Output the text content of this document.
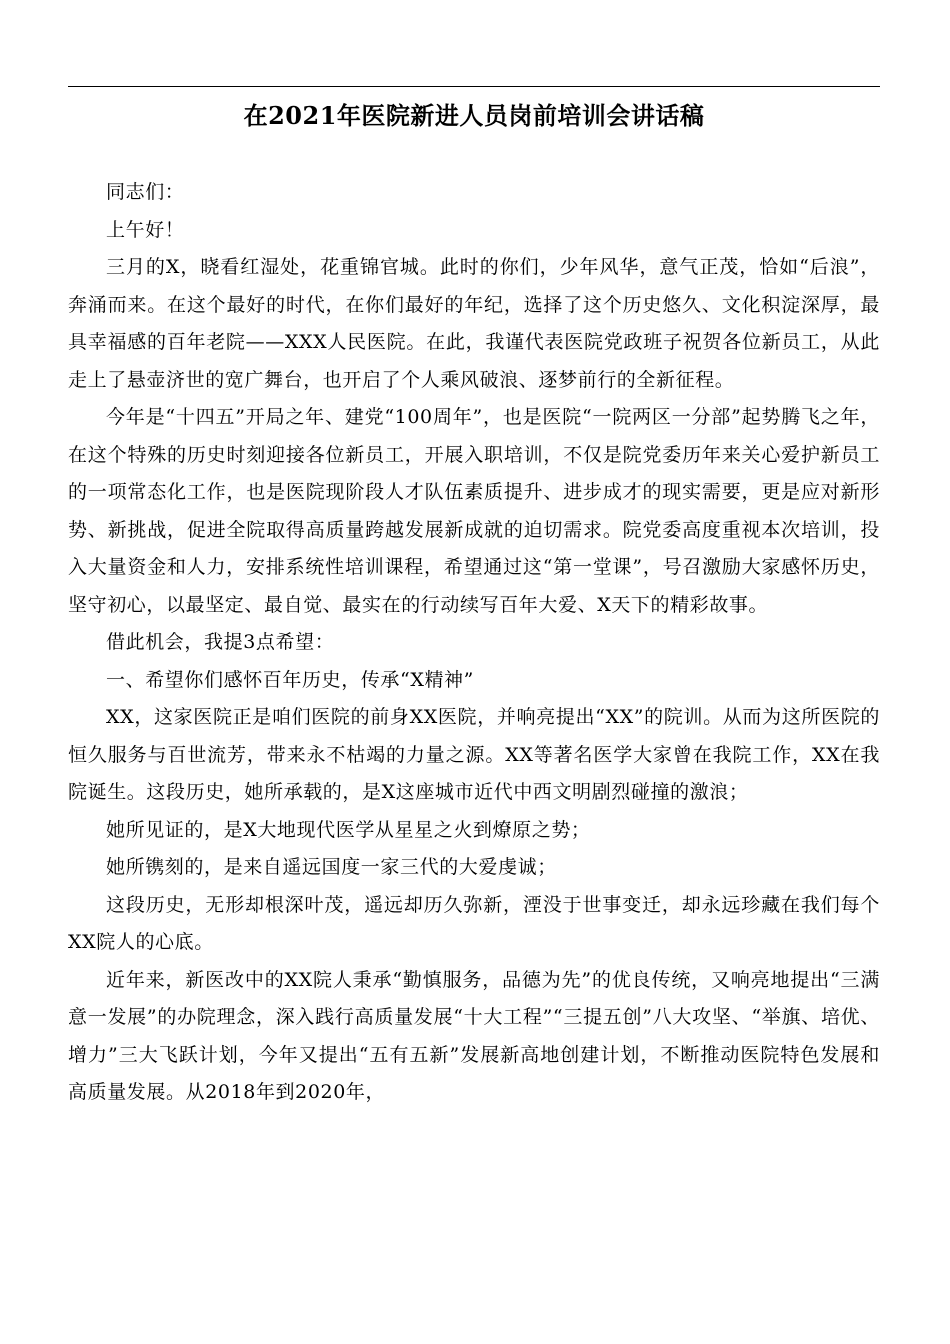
在2021年医院新进人员岗前培训会讲话稿

同志们：

上午好！

三月的X，晓看红湿处，花重锦官城。此时的你们，少年风华，意气正茂，恰如“后浪”，奔涌而来。在这个最好的时代，在你们最好的年纪，选择了这个历史悠久、文化积淀深厚，最具幸福感的百年老院——XXX人民医院。在此，我谨代表医院党政班子祝贺各位新员工，从此走上了悬壶济世的宽广舞台，也开启了个人乘风破浪、逐梦前行的全新征程。

今年是“十四五”开局之年、建党“100周年”，也是医院“一院两区一分部”起势腾飞之年，在这个特殊的历史时刻迎接各位新员工，开展入职培训，不仅是院党委历年来关心爱护新员工的一项常态化工作，也是医院现阶段人才队伍素质提升、进步成才的现实需要，更是应对新形势、新挑战，促进全院取得高质量跨越发展新成就的迫切需求。院党委高度重视本次培训，投入大量资金和人力，安排系统性培训课程，希望通过这“第一堂课”，号召激励大家感怀历史，坚守初心，以最坚定、最自觉、最实在的行动续写百年大爱、X天下的精彩故事。

借此机会，我提3点希望：

一、希望你们感怀百年历史，传承“X精神”

XX，这家医院正是咱们医院的前身XX医院，并响亮提出“XX”的院训。从而为这所医院的恒久服务与百世流芳，带来永不枯竭的力量之源。XX等著名医学大家曾在我院工作，XX在我院诞生。这段历史，她所承载的，是X这座城市近代中西文明剧烈碰撞的激浪；

她所见证的，是X大地现代医学从星星之火到燎原之势；

她所镌刻的，是来自遥远国度一家三代的大爱虔诚；

这段历史，无形却根深叶茂，遥远却历久弥新，湮没于世事变迁，却永远珍藏在我们每个XX院人的心底。

近年来，新医改中的XX院人秉承“勤慎服务，品德为先”的优良传统，又响亮地提出“三满意一发展”的办院理念，深入践行高质量发展“十大工程”“三提五创”八大攻坚、“举旗、培优、增力”三大飞跃计划，今年又提出“五有五新”发展新高地创建计划，不断推动医院特色发展和高质量发展。从2018年到2020年，
